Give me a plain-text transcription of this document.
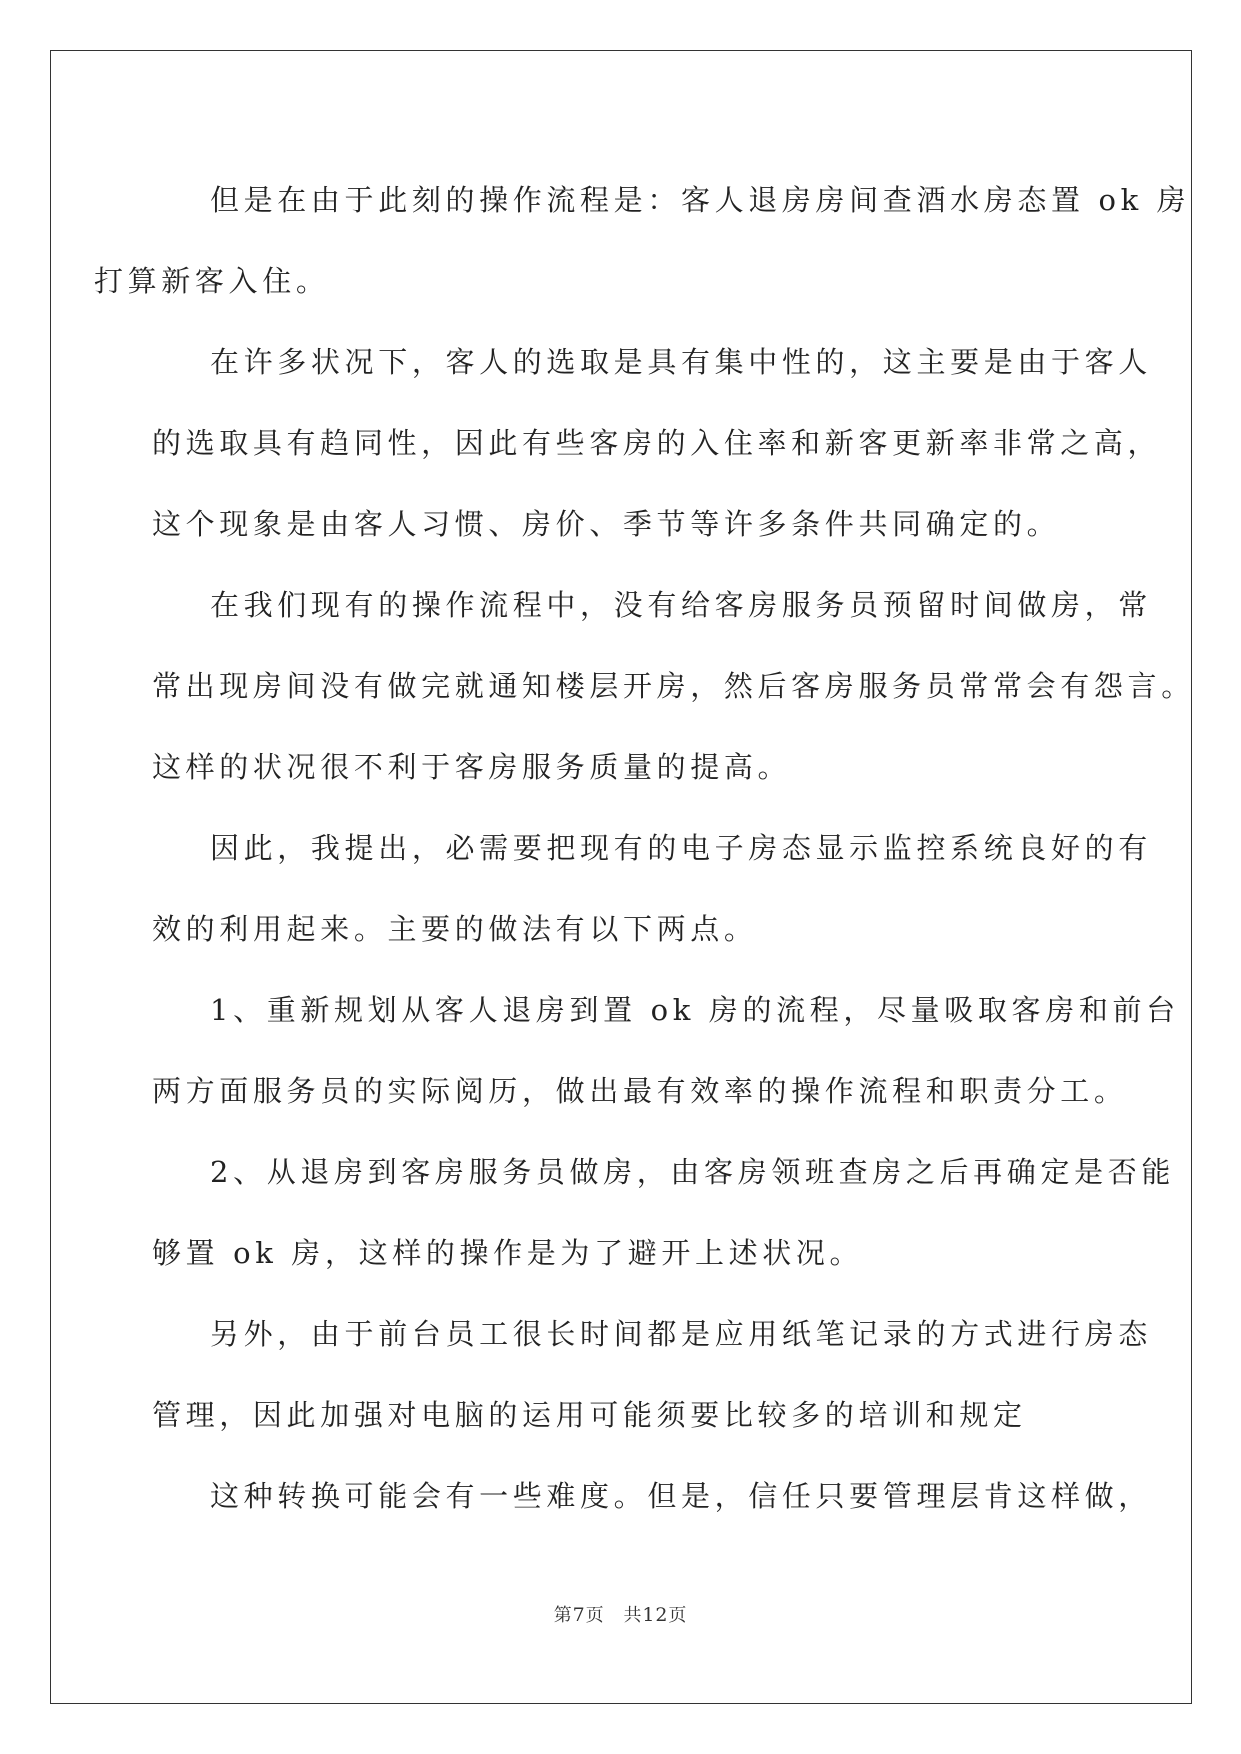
但是在由于此刻的操作流程是：客人退房房间查酒水房态置 ok 房
打算新客入住。

在许多状况下，客人的选取是具有集中性的，这主要是由于客人
的选取具有趋同性，因此有些客房的入住率和新客更新率非常之高，
这个现象是由客人习惯、房价、季节等许多条件共同确定的。

在我们现有的操作流程中，没有给客房服务员预留时间做房，常
常出现房间没有做完就通知楼层开房，然后客房服务员常常会有怨言。
这样的状况很不利于客房服务质量的提高。

因此，我提出，必需要把现有的电子房态显示监控系统良好的有
效的利用起来。主要的做法有以下两点。

1、重新规划从客人退房到置 ok 房的流程，尽量吸取客房和前台
两方面服务员的实际阅历，做出最有效率的操作流程和职责分工。

2、从退房到客房服务员做房，由客房领班查房之后再确定是否能
够置 ok 房，这样的操作是为了避开上述状况。

另外，由于前台员工很长时间都是应用纸笔记录的方式进行房态
管理，因此加强对电脑的运用可能须要比较多的培训和规定

这种转换可能会有一些难度。但是，信任只要管理层肯这样做，

第7页　共12页
